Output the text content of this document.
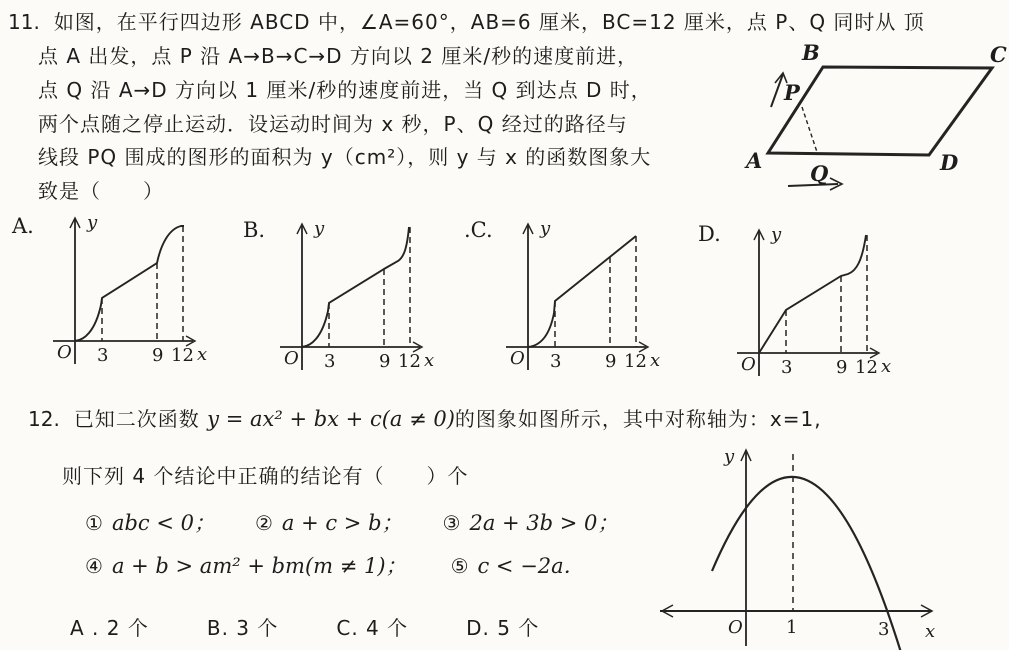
11. 如图，在平行四边形 ABCD 中，∠A=60°，AB=6 厘米，BC=12 厘米，点 P、Q 同时从 顶
点 A 出发，点 P 沿 A→B→C→D 方向以 2 厘米/秒的速度前进，
点 Q 沿 A→D 方向以 1 厘米/秒的速度前进，当 Q 到达点 D 时，
两个点随之停止运动．设运动时间为 x 秒，P、Q 经过的路径与
线段 PQ 围成的图形的面积为 y（cm²），则 y 与 x 的函数图象大
致是（　　）
A
B	C
D
P
Q
A.
O
y
x
3 9 12
B.
O
y
x
3 9 12
.C.
O
y
x
3 9 12
D.
O
y
x
3 9 12
12. 已知二次函数 y = ax² + bx + c(a ≠ 0)的图象如图所示，其中对称轴为：x=1,
则下列 4 个结论中正确的结论有（　　）个
① abc < 0； ② a + c > b； ③ 2a + 3b > 0；
④ a + b > am² + bm(m ≠ 1)； ⑤ c < −2a．
A . 2 个	B. 3 个	C. 4 个	D. 5 个
y
O 1	3 x
